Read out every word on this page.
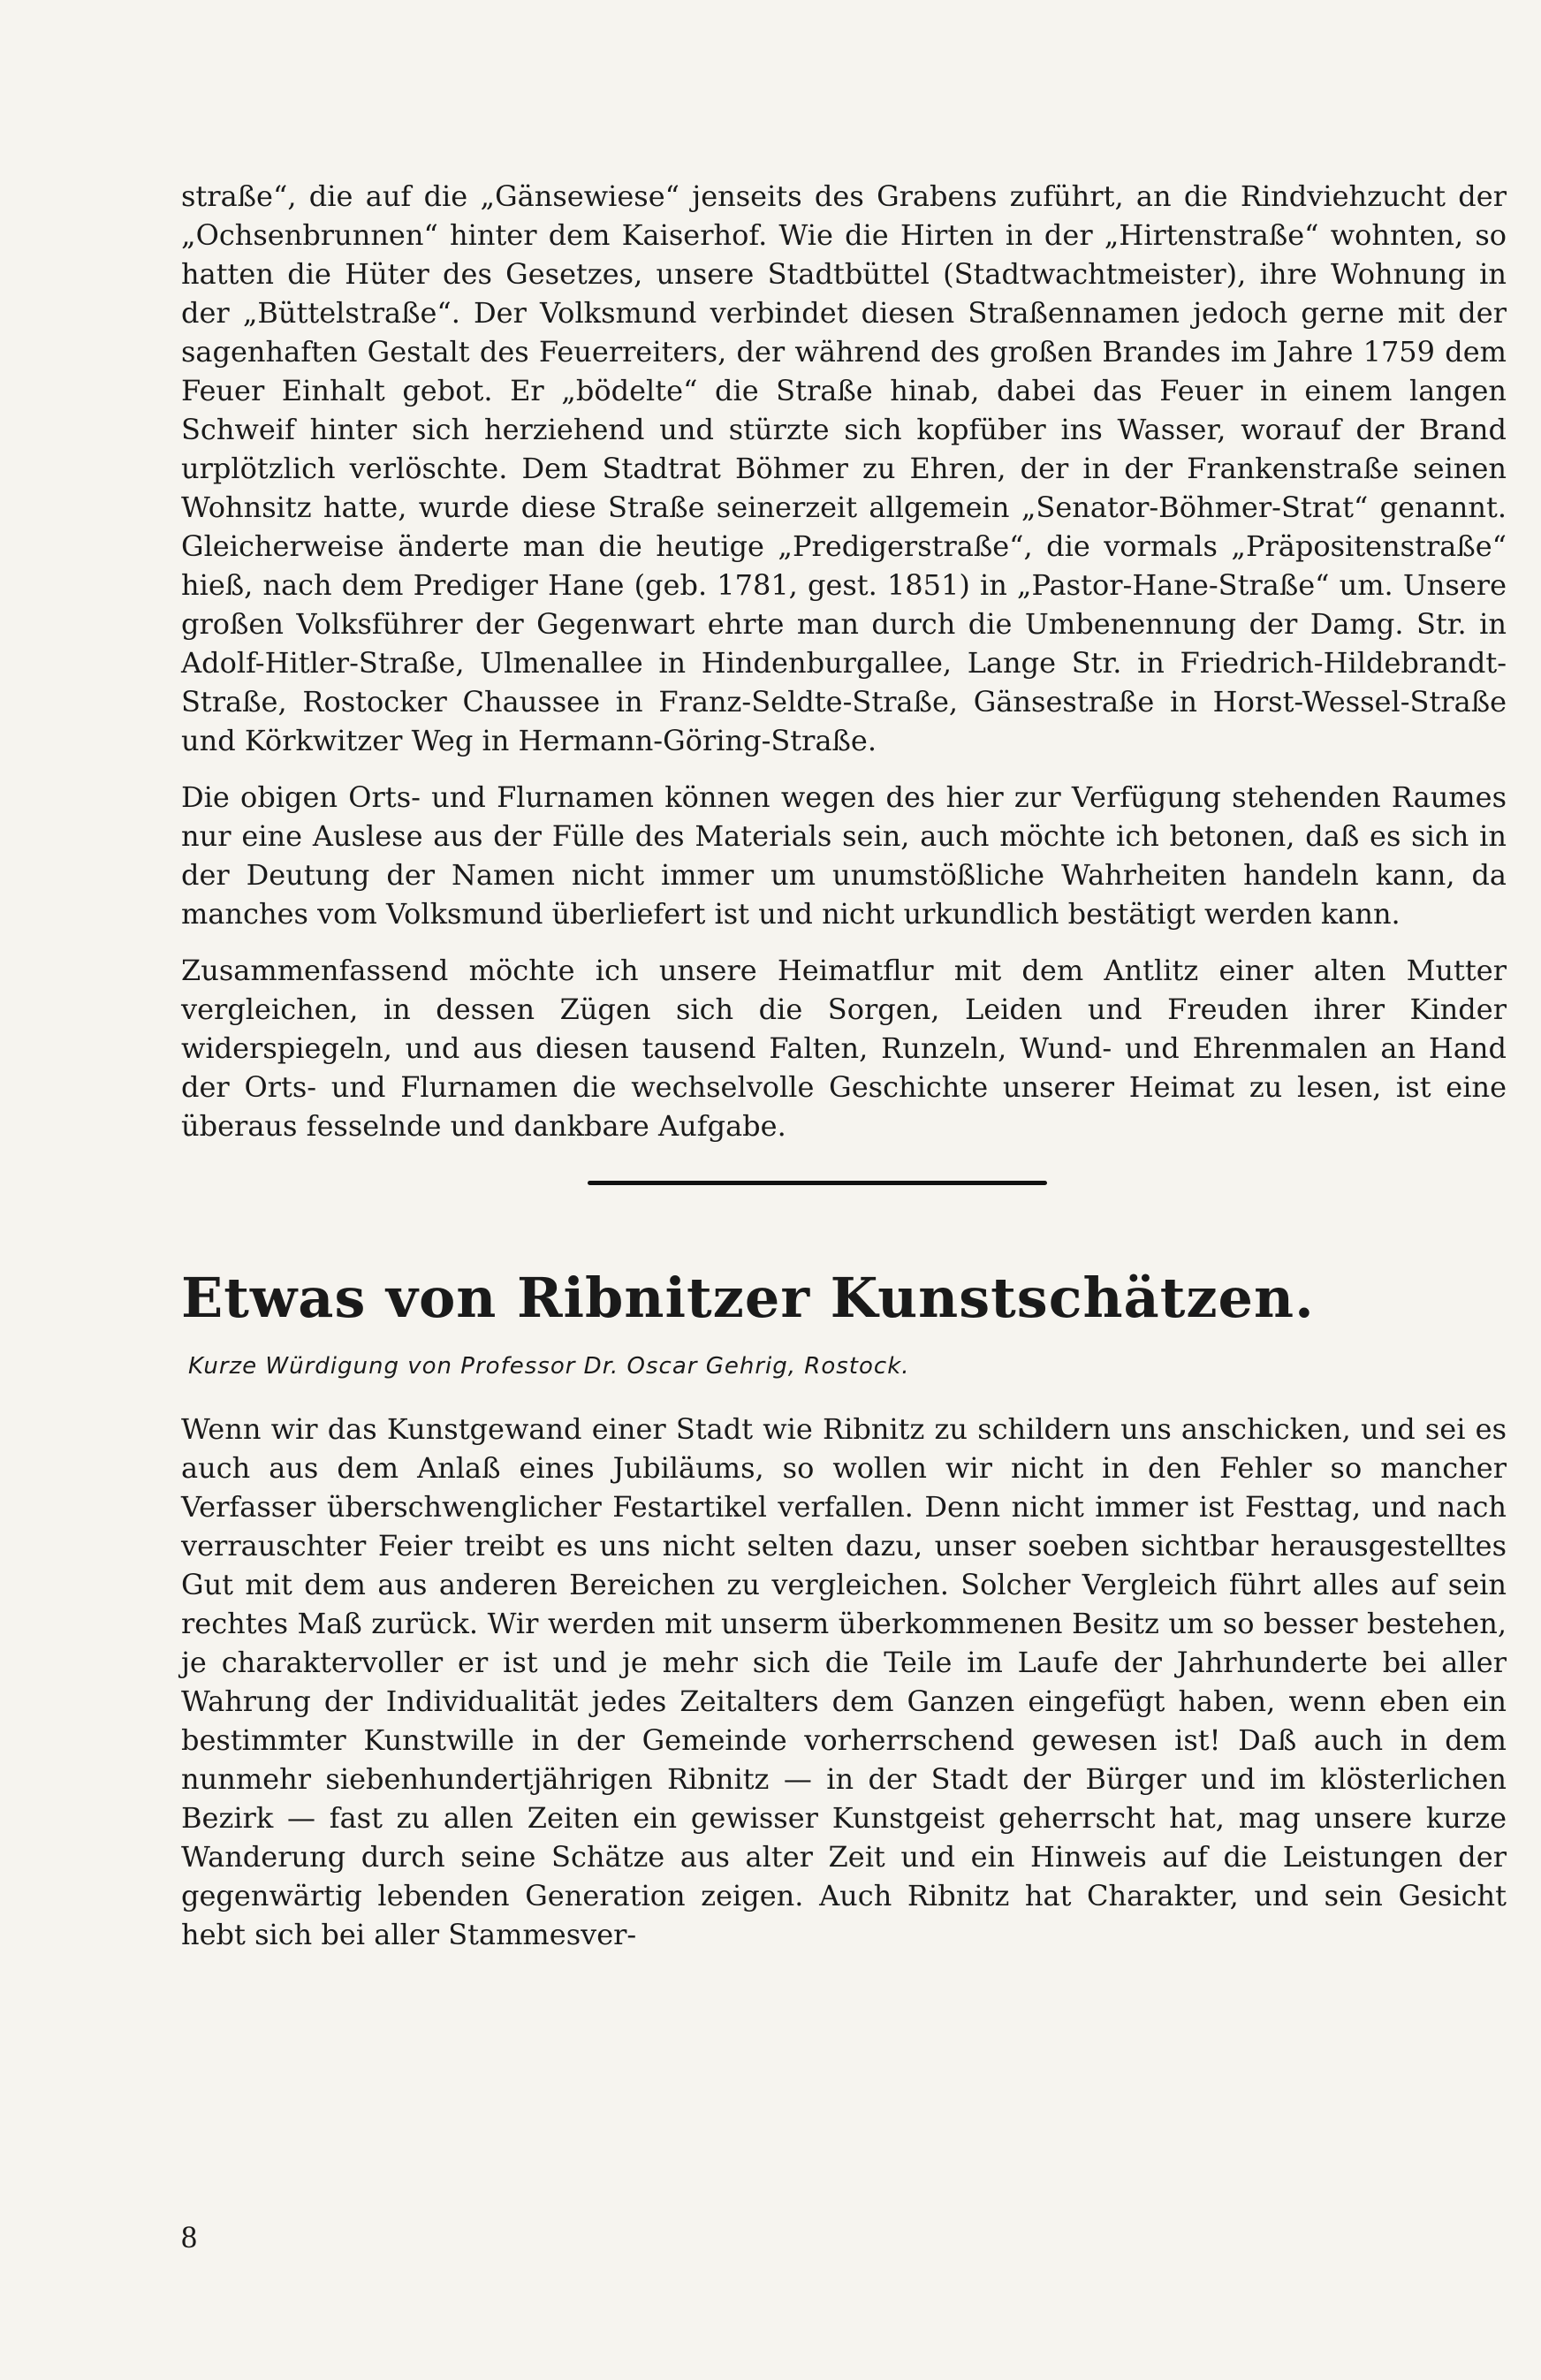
straße“, die auf die „Gänsewiese“ jenseits des Grabens zuführt, an die Rindviehzucht der „Ochsenbrunnen“ hinter dem Kaiserhof. Wie die Hirten in der „Hirtenstraße“ wohnten, so hatten die Hüter des Gesetzes, unsere Stadtbüttel (Stadtwachtmeister), ihre Wohnung in der „Büttelstraße“. Der Volksmund verbindet diesen Straßennamen jedoch gerne mit der sagenhaften Gestalt des Feuerreiters, der während des großen Brandes im Jahre 1759 dem Feuer Einhalt gebot. Er „bödelte“ die Straße hinab, dabei das Feuer in einem langen Schweif hinter sich herziehend und stürzte sich kopfüber ins Wasser, worauf der Brand urplötzlich verlöschte. Dem Stadtrat Böhmer zu Ehren, der in der Frankenstraße seinen Wohnsitz hatte, wurde diese Straße seinerzeit allgemein „Senator-Böhmer-Strat“ genannt. Gleicherweise änderte man die heutige „Predigerstraße“, die vormals „Präpositenstraße“ hieß, nach dem Prediger Hane (geb. 1781, gest. 1851) in „Pastor-Hane-Straße“ um. Unsere großen Volksführer der Gegenwart ehrte man durch die Umbenennung der Damg. Str. in Adolf-Hitler-Straße, Ulmenallee in Hindenburgallee, Lange Str. in Friedrich-Hildebrandt-Straße, Rostocker Chaussee in Franz-Seldte-Straße, Gänsestraße in Horst-Wessel-Straße und Körkwitzer Weg in Hermann-Göring-Straße.

Die obigen Orts- und Flurnamen können wegen des hier zur Verfügung stehenden Raumes nur eine Auslese aus der Fülle des Materials sein, auch möchte ich betonen, daß es sich in der Deutung der Namen nicht immer um unumstößliche Wahrheiten handeln kann, da manches vom Volksmund überliefert ist und nicht urkundlich bestätigt werden kann.

Zusammenfassend möchte ich unsere Heimatflur mit dem Antlitz einer alten Mutter vergleichen, in dessen Zügen sich die Sorgen, Leiden und Freuden ihrer Kinder widerspiegeln, und aus diesen tausend Falten, Runzeln, Wund- und Ehrenmalen an Hand der Orts- und Flurnamen die wechselvolle Geschichte unserer Heimat zu lesen, ist eine überaus fesselnde und dankbare Aufgabe.

Etwas von Ribnitzer Kunstschätzen.
Kurze Würdigung von Professor Dr. Oscar Gehrig, Rostock.

Wenn wir das Kunstgewand einer Stadt wie Ribnitz zu schildern uns anschicken, und sei es auch aus dem Anlaß eines Jubiläums, so wollen wir nicht in den Fehler so mancher Verfasser überschwenglicher Festartikel verfallen. Denn nicht immer ist Festtag, und nach verrauschter Feier treibt es uns nicht selten dazu, unser soeben sichtbar herausgestelltes Gut mit dem aus anderen Bereichen zu vergleichen. Solcher Vergleich führt alles auf sein rechtes Maß zurück. Wir werden mit unserm überkommenen Besitz um so besser bestehen, je charaktervoller er ist und je mehr sich die Teile im Laufe der Jahrhunderte bei aller Wahrung der Individualität jedes Zeitalters dem Ganzen eingefügt haben, wenn eben ein bestimmter Kunstwille in der Gemeinde vorherrschend gewesen ist! Daß auch in dem nunmehr siebenhundertjährigen Ribnitz — in der Stadt der Bürger und im klösterlichen Bezirk — fast zu allen Zeiten ein gewisser Kunstgeist geherrscht hat, mag unsere kurze Wanderung durch seine Schätze aus alter Zeit und ein Hinweis auf die Leistungen der gegenwärtig lebenden Generation zeigen. Auch Ribnitz hat Charakter, und sein Gesicht hebt sich bei aller Stammesver-

8
